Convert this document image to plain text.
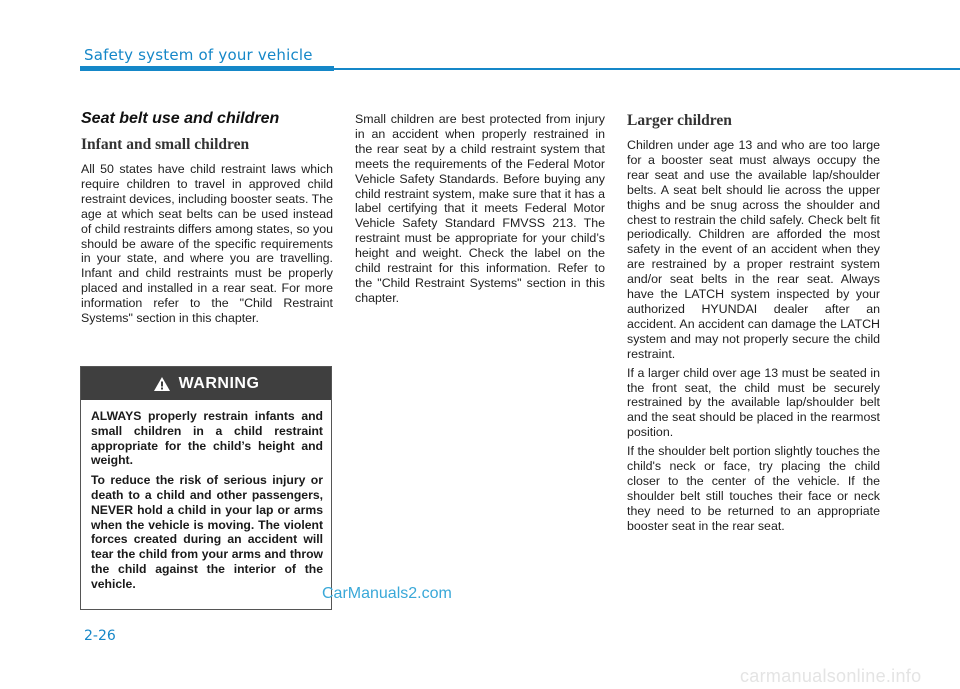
Safety system of your vehicle
Seat belt use and children
Infant and small children

All 50 states have child restraint laws which require children to travel in approved child restraint devices, including booster seats. The age at which seat belts can be used instead of child restraints differs among states, so you should be aware of the specific requirements in your state, and where you are travelling. Infant and child restraints must be properly placed and installed in a rear seat. For more information refer to the "Child Restraint Systems" section in this chapter.

WARNING

ALWAYS properly restrain infants and small children in a child restraint appropriate for the child’s height and weight.

To reduce the risk of serious injury or death to a child and other passengers, NEVER hold a child in your lap or arms when the vehicle is moving. The violent forces created during an accident will tear the child from your arms and throw the child against the interior of the vehicle.

Small children are best protected from injury in an accident when properly restrained in the rear seat by a child restraint system that meets the requirements of the Federal Motor Vehicle Safety Standards. Before buying any child restraint system, make sure that it has a label certifying that it meets Federal Motor Vehicle Safety Standard FMVSS 213. The restraint must be appropriate for your child’s height and weight. Check the label on the child restraint for this information. Refer to the "Child Restraint Systems" section in this chapter.

Larger children

Children under age 13 and who are too large for a booster seat must always occupy the rear seat and use the available lap/shoulder belts. A seat belt should lie across the upper thighs and be snug across the shoulder and chest to restrain the child safely. Check belt fit periodically. Children are afforded the most safety in the event of an accident when they are restrained by a proper restraint system and/or seat belts in the rear seat. Always have the LATCH system inspected by your authorized HYUNDAI dealer after an accident. An accident can damage the LATCH system and may not properly secure the child restraint.

If a larger child over age 13 must be seated in the front seat, the child must be securely restrained by the available lap/shoulder belt and the seat should be placed in the rearmost position.

If the shoulder belt portion slightly touches the child's neck or face, try placing the child closer to the center of the vehicle. If the shoulder belt still touches their face or neck they need to be returned to an appropriate booster seat in the rear seat.

CarManuals2.com
2-26
carmanualsonline.info
